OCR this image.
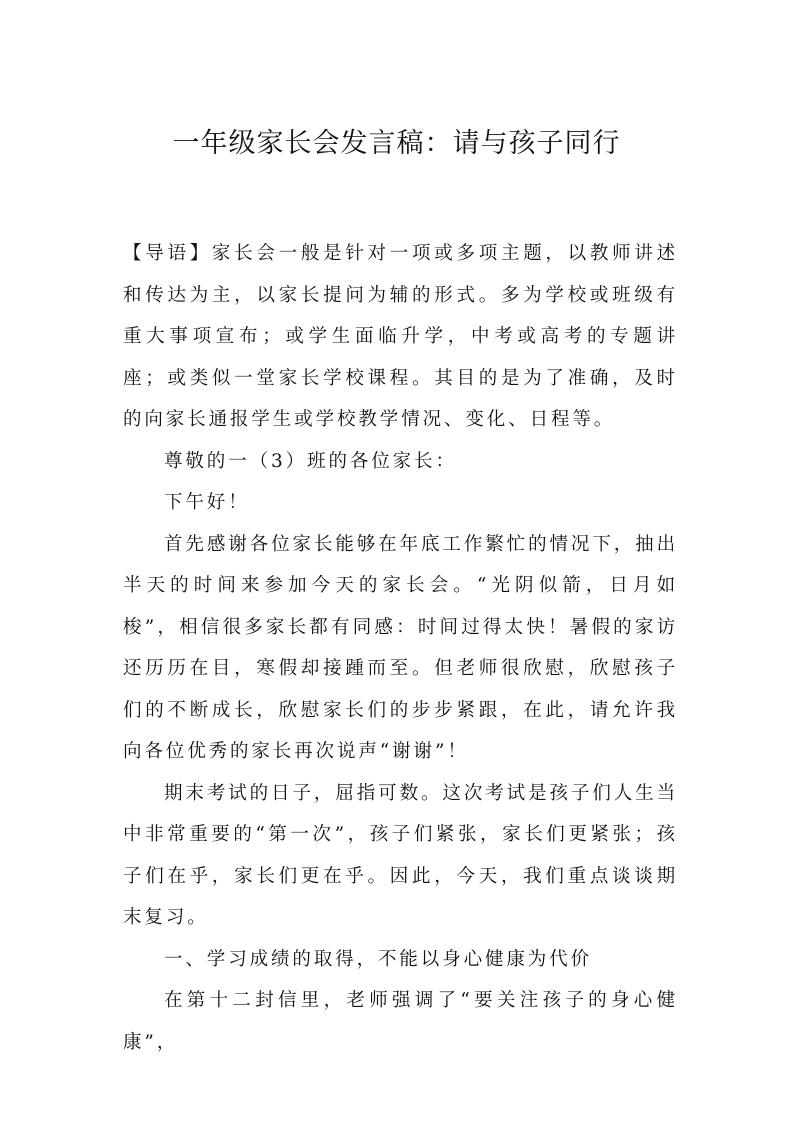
一年级家长会发言稿：请与孩子同行

【导语】家长会一般是针对一项或多项主题，以教师讲述和传达为主，以家长提问为辅的形式。多为学校或班级有重大事项宣布；或学生面临升学，中考或高考的专题讲座；或类似一堂家长学校课程。其目的是为了准确，及时的向家长通报学生或学校教学情况、变化、日程等。

尊敬的一（3）班的各位家长：

下午好！

首先感谢各位家长能够在年底工作繁忙的情况下，抽出半天的时间来参加今天的家长会。“光阴似箭，日月如梭”，相信很多家长都有同感：时间过得太快！暑假的家访还历历在目，寒假却接踵而至。但老师很欣慰，欣慰孩子们的不断成长，欣慰家长们的步步紧跟，在此，请允许我向各位优秀的家长再次说声“谢谢”！

期末考试的日子，屈指可数。这次考试是孩子们人生当中非常重要的“第一次”，孩子们紧张，家长们更紧张；孩子们在乎，家长们更在乎。因此，今天，我们重点谈谈期末复习。

一、学习成绩的取得，不能以身心健康为代价

在第十二封信里，老师强调了“要关注孩子的身心健康”，
